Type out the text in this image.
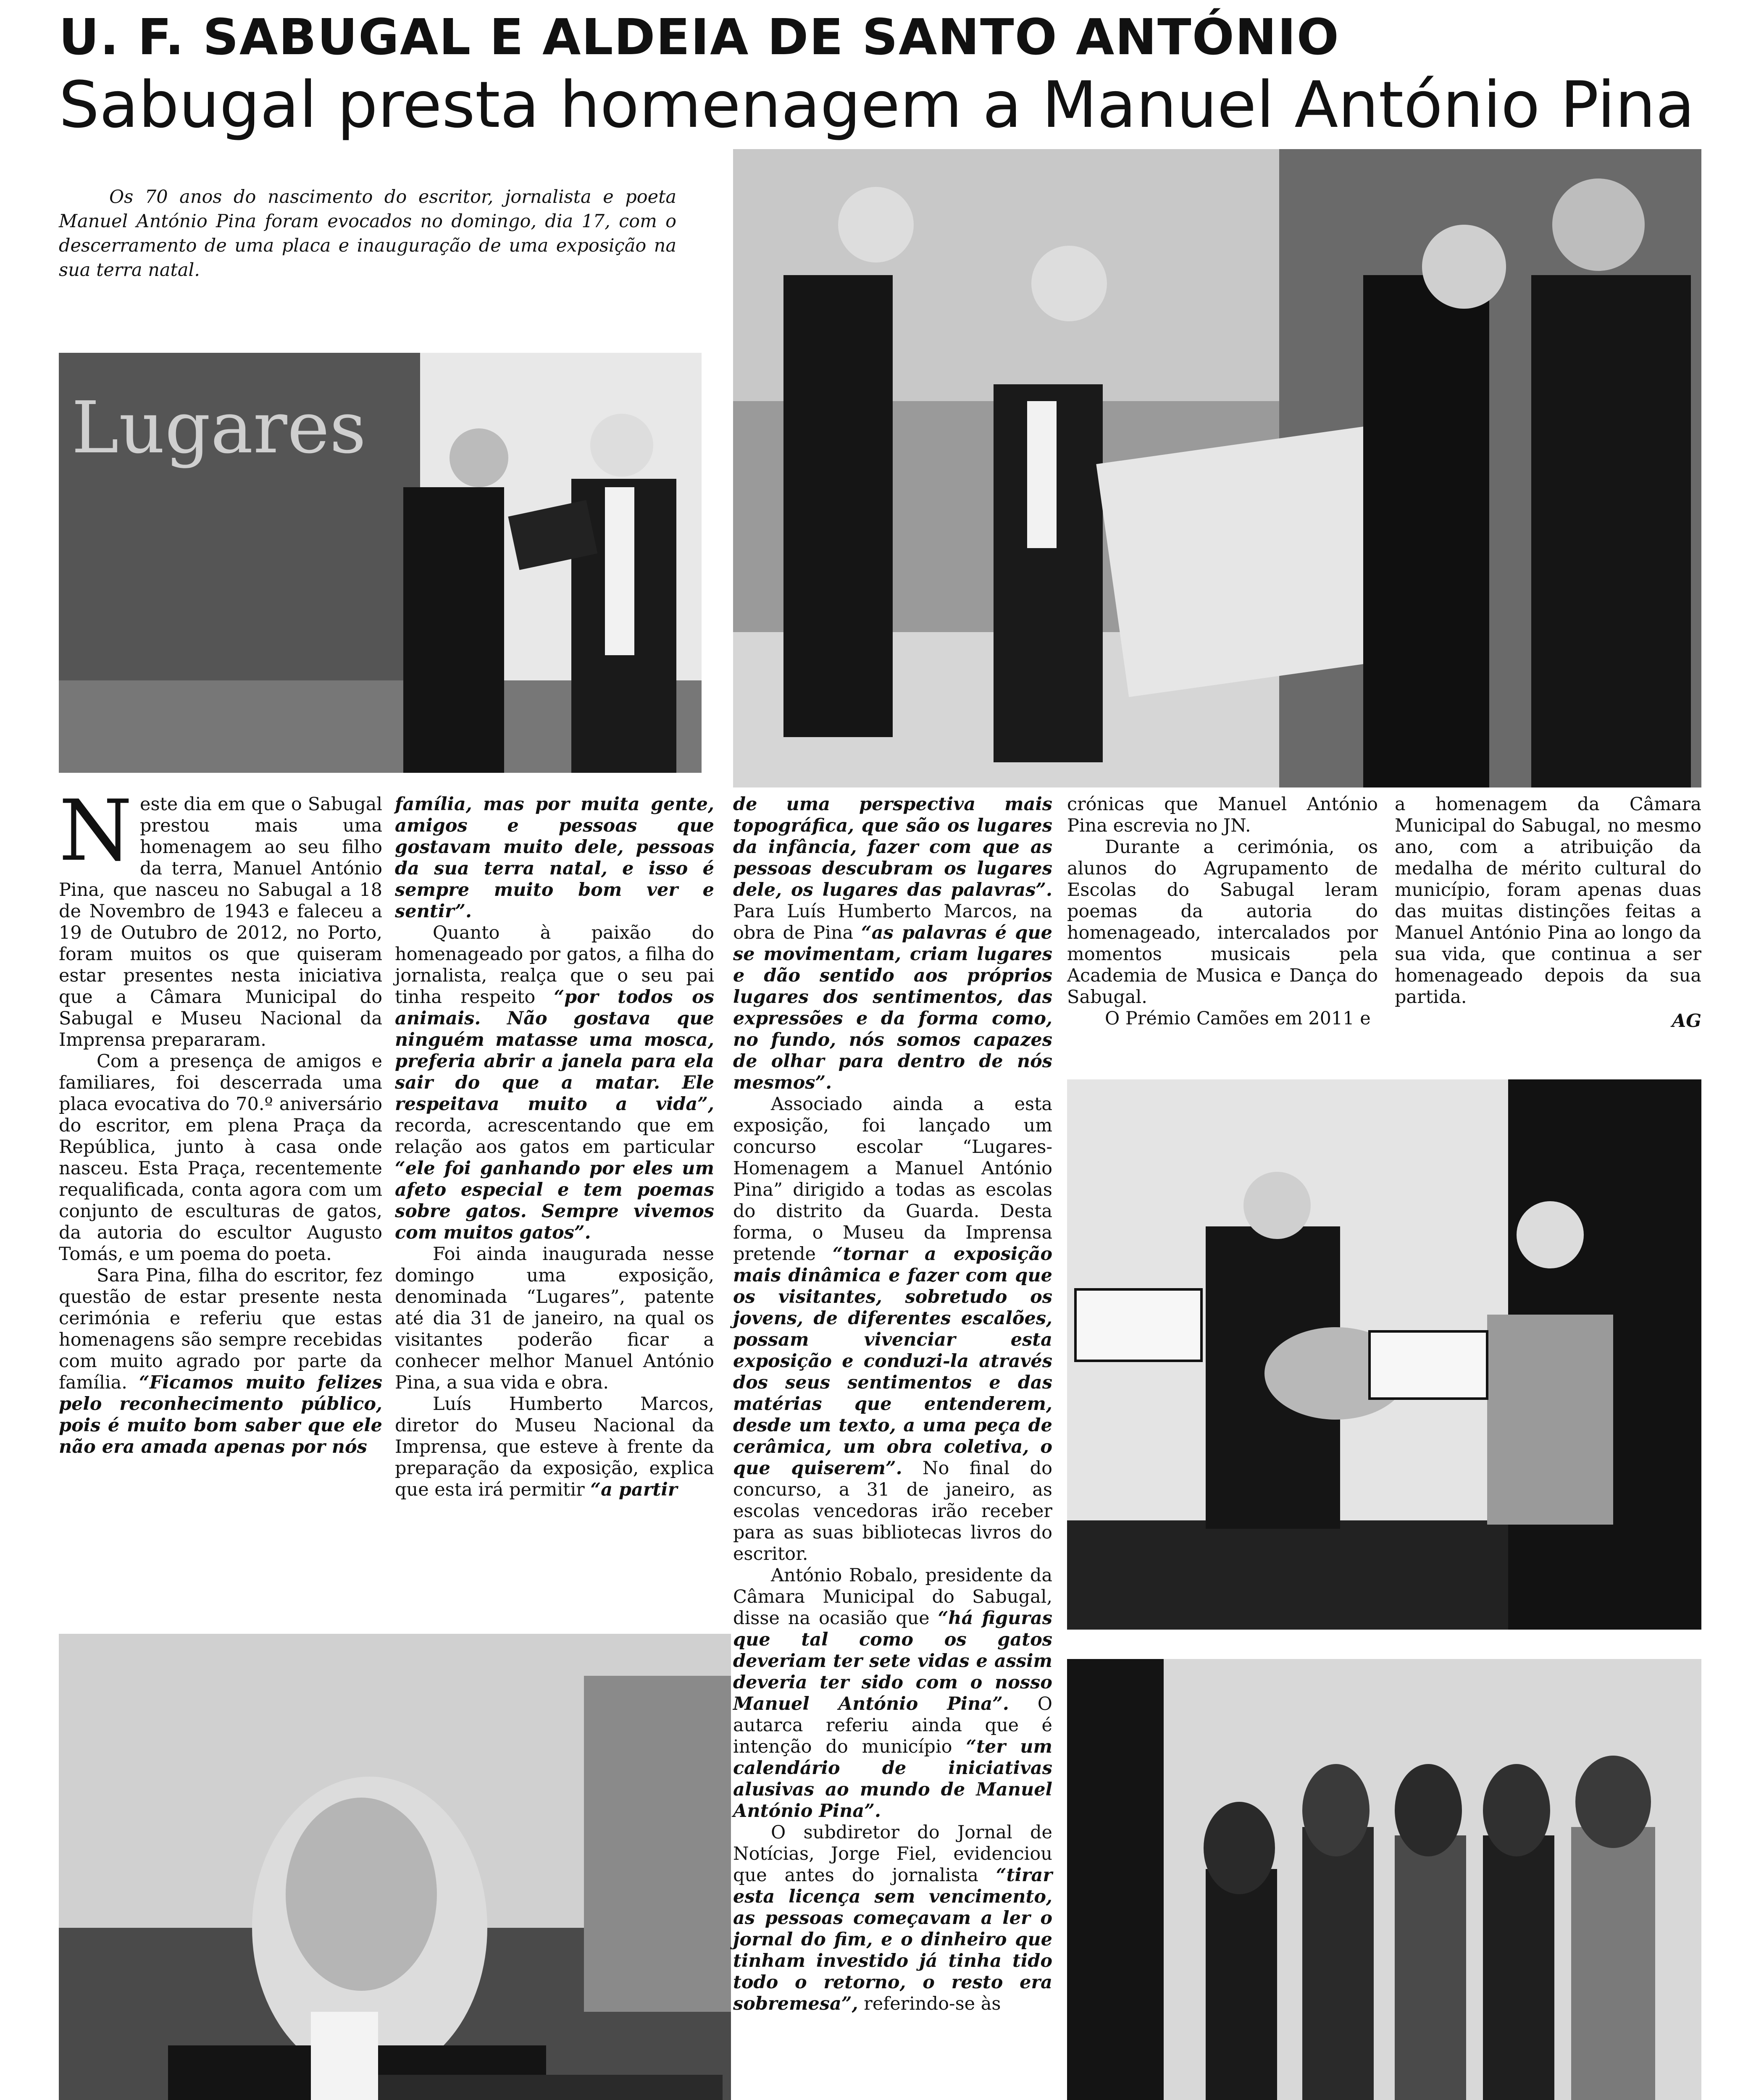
U. F. SABUGAL E ALDEIA DE SANTO ANTÓNIO
Sabugal presta homenagem a Manuel António Pina

Os 70 anos do nascimento do escritor, jornalista e poeta Manuel António Pina foram evocados no domingo, dia 17, com o descerramento de uma placa e inauguração de uma exposição na sua terra natal.

Lugares

Neste dia em que o Sabugal prestou mais uma homenagem ao seu filho da terra, Manuel António Pina, que nasceu no Sabugal a 18 de Novembro de 1943 e faleceu a 19 de Outubro de 2012, no Porto, foram muitos os que quiseram estar presentes nesta iniciativa que a Câmara Municipal do Sabugal e Museu Nacional da Imprensa prepararam.

Com a presença de amigos e familiares, foi descerrada uma placa evocativa do 70.º aniversário do escritor, em plena Praça da República, junto à casa onde nasceu. Esta Praça, recentemente requalificada, conta agora com um conjunto de esculturas de gatos, da autoria do escultor Augusto Tomás, e um poema do poeta.

Sara Pina, filha do escritor, fez questão de estar presente nesta cerimónia e referiu que estas homenagens são sempre recebidas com muito agrado por parte da família. “Ficamos muito felizes pelo reconhecimento público, pois é muito bom saber que ele não era amada apenas por nós

família, mas por muita gente, amigos e pessoas que gostavam muito dele, pessoas da sua terra natal, e isso é sempre muito bom ver e sentir”.

Quanto à paixão do homenageado por gatos, a filha do jornalista, realça que o seu pai tinha respeito “por todos os animais. Não gostava que ninguém matasse uma mosca, preferia abrir a janela para ela sair do que a matar. Ele respeitava muito a vida”, recorda, acrescentando que em relação aos gatos em particular “ele foi ganhando por eles um afeto especial e tem poemas sobre gatos. Sempre vivemos com muitos gatos”.

Foi ainda inaugurada nesse domingo uma exposição, denominada “Lugares”, patente até dia 31 de janeiro, na qual os visitantes poderão ficar a conhecer melhor Manuel António Pina, a sua vida e obra.

Luís Humberto Marcos, diretor do Museu Nacional da Imprensa, que esteve à frente da preparação da exposição, explica que esta irá permitir “a partir

de uma perspectiva mais topográfica, que são os lugares da infância, fazer com que as pessoas descubram os lugares dele, os lugares das palavras”. Para Luís Humberto Marcos, na obra de Pina “as palavras é que se movimentam, criam lugares e dão sentido aos próprios lugares dos sentimentos, das expressões e da forma como, no fundo, nós somos capazes de olhar para dentro de nós mesmos”.

Associado ainda a esta exposição, foi lançado um concurso escolar “Lugares-Homenagem a Manuel António Pina” dirigido a todas as escolas do distrito da Guarda. Desta forma, o Museu da Imprensa pretende “tornar a exposição mais dinâmica e fazer com que os visitantes, sobretudo os jovens, de diferentes escalões, possam vivenciar esta exposição e conduzi-la através dos seus sentimentos e das matérias que entenderem, desde um texto, a uma peça de cerâmica, um obra coletiva, o que quiserem”. No final do concurso, a 31 de janeiro, as escolas vencedoras irão receber para as suas bibliotecas livros do escritor.

António Robalo, presidente da Câmara Municipal do Sabugal, disse na ocasião que “há figuras que tal como os gatos deveriam ter sete vidas e assim deveria ter sido com o nosso Manuel António Pina”. O autarca referiu ainda que é intenção do município “ter um calendário de iniciativas alusivas ao mundo de Manuel António Pina”.

O subdiretor do Jornal de Notícias, Jorge Fiel, evidenciou que antes do jornalista “tirar esta licença sem vencimento, as pessoas começavam a ler o jornal do fim, e o dinheiro que tinham investido já tinha tido todo o retorno, o resto era sobremesa”, referindo-se às

crónicas que Manuel António Pina escrevia no JN.

Durante a cerimónia, os alunos do Agrupamento de Escolas do Sabugal leram poemas da autoria do homenageado, intercalados por momentos musicais pela Academia de Musica e Dança do Sabugal.

O Prémio Camões em 2011 e

a homenagem da Câmara Municipal do Sabugal, no mesmo ano, com a atribuição da medalha de mérito cultural do município, foram apenas duas das muitas distinções feitas a Manuel António Pina ao longo da sua vida, que continua a ser homenageado depois da sua partida.

AG
